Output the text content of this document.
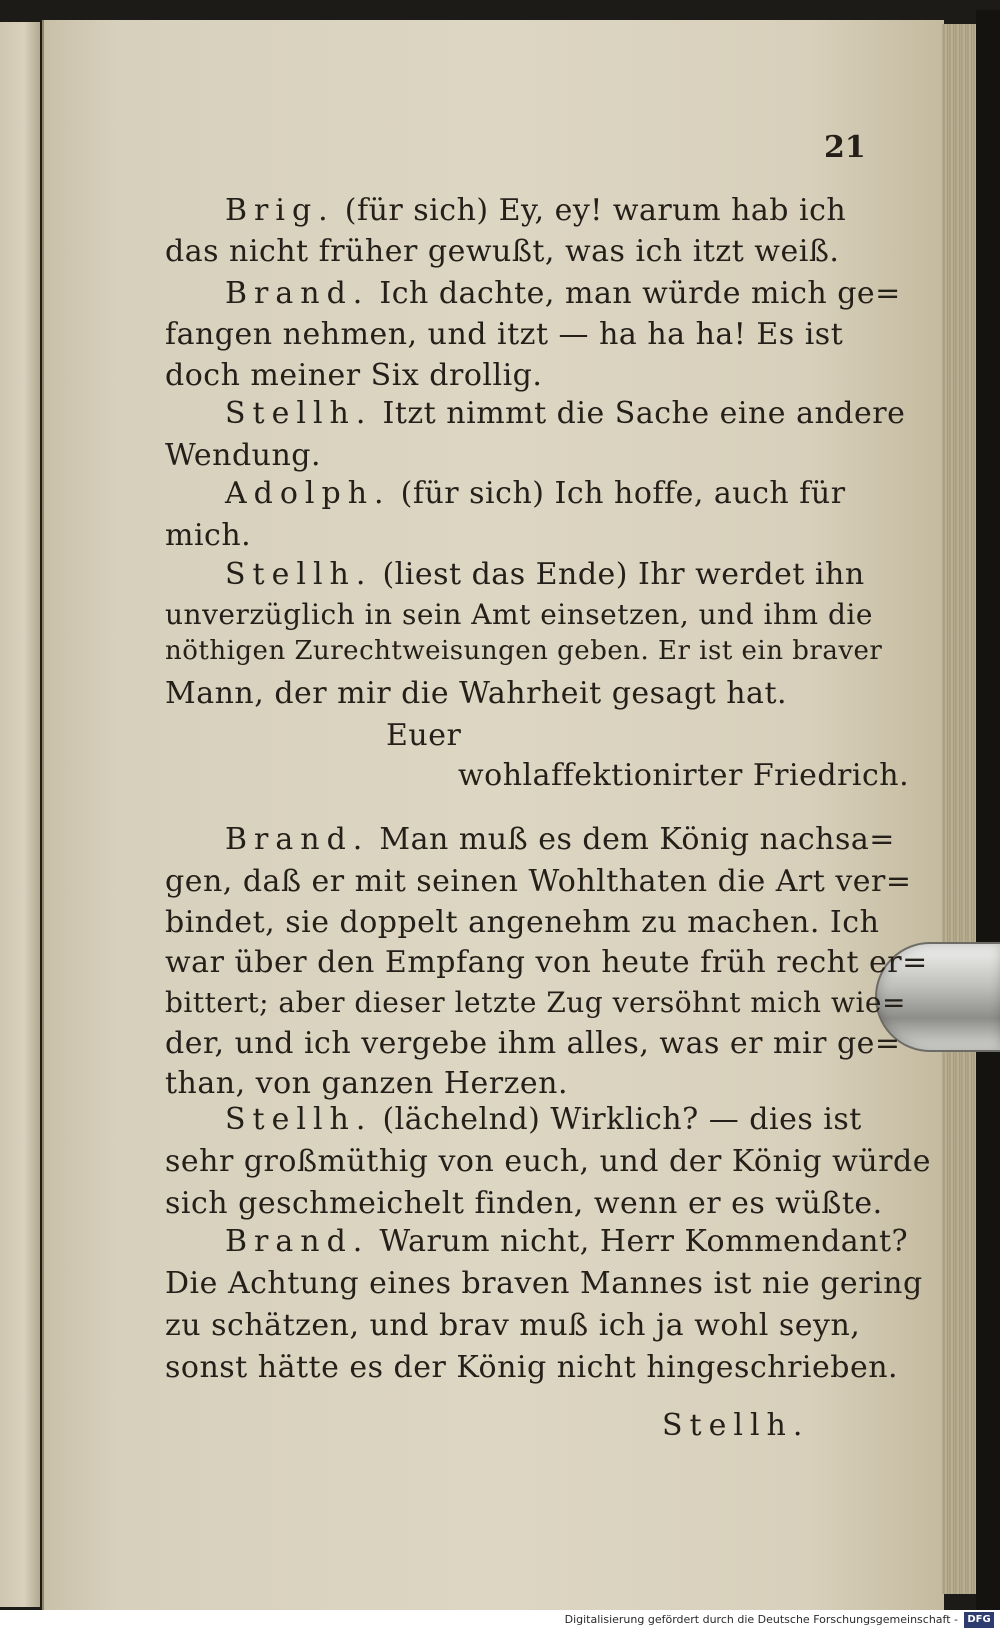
21
Brig. (für sich) Ey, ey! warum hab ich
das nicht früher gewußt, was ich itzt weiß.
Brand. Ich dachte, man würde mich ge=
fangen nehmen, und itzt — ha ha ha! Es ist
doch meiner Six drollig.
Stellh. Itzt nimmt die Sache eine andere
Wendung.
Adolph. (für sich) Ich hoffe, auch für
mich.
Stellh. (liest das Ende) Ihr werdet ihn
unverzüglich in sein Amt einsetzen, und ihm die
nöthigen Zurechtweisungen geben. Er ist ein braver
Mann, der mir die Wahrheit gesagt hat.
Euer
wohlaffektionirter Friedrich.
Brand. Man muß es dem König nachsa=
gen, daß er mit seinen Wohlthaten die Art ver=
bindet, sie doppelt angenehm zu machen. Ich
war über den Empfang von heute früh recht er=
bittert; aber dieser letzte Zug versöhnt mich wie=
der, und ich vergebe ihm alles, was er mir ge=
than, von ganzen Herzen.
Stellh. (lächelnd) Wirklich? — dies ist
sehr großmüthig von euch, und der König würde
sich geschmeichelt finden, wenn er es wüßte.
Brand. Warum nicht, Herr Kommendant?
Die Achtung eines braven Mannes ist nie gering
zu schätzen, und brav muß ich ja wohl seyn,
sonst hätte es der König nicht hingeschrieben.
Stellh.
Digitalisierung gefördert durch die Deutsche Forschungsgemeinschaft - DFG
